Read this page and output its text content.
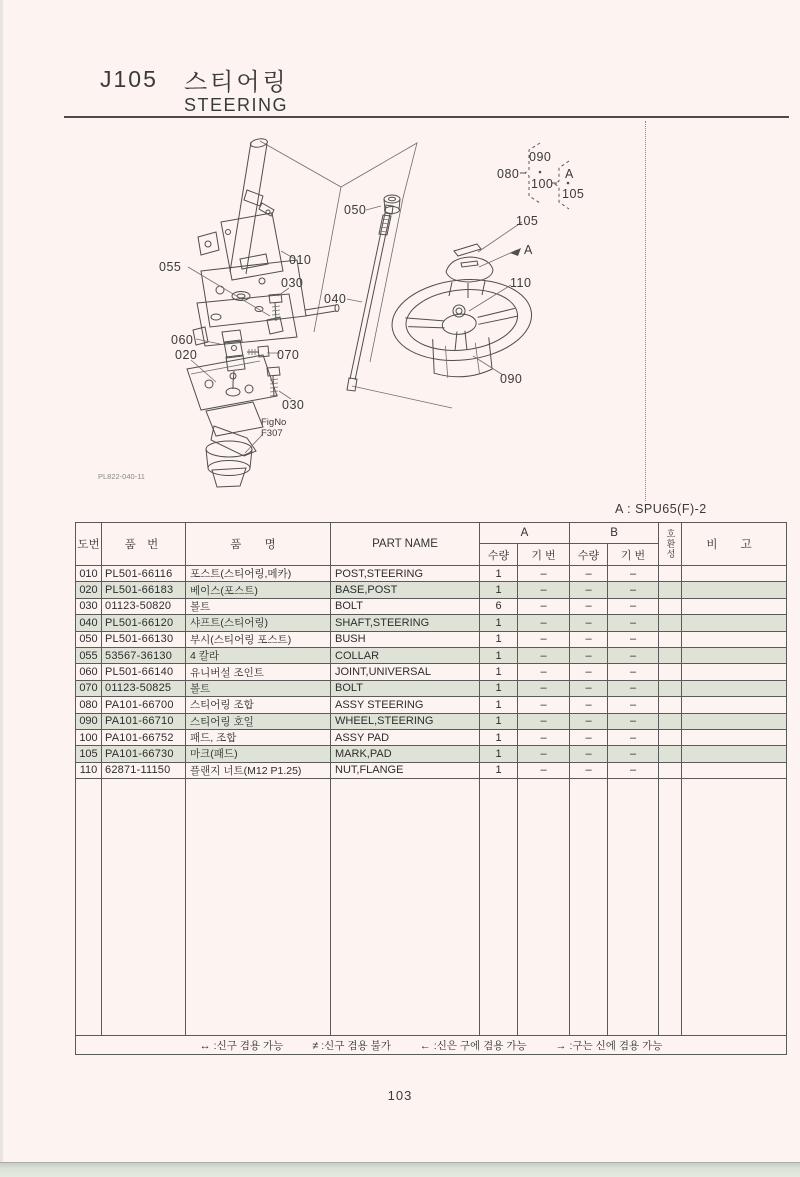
J105 스티어링
STEERING
055	010
030
050
040
060
020	070
030
080
090
100
A
105
105
A
110
090
FigNo
F307
PL822-040-11
A : SPU65(F)-2
도번	품 번	품 명	PART NAME	A		B		호환성	비 고
				수량	기 번	수량	기 번		
010	PL501-66116	포스트(스티어링,메카)	POST,STEERING	1	–	–	–		
020	PL501-66183	베이스(포스트)	BASE,POST	1	–	–	–		
030	01123-50820	볼트	BOLT	6	–	–	–		
040	PL501-66120	샤프트(스티어링)	SHAFT,STEERING	1	–	–	–		
050	PL501-66130	부시(스티어링 포스트)	BUSH	1	–	–	–		
055	53567-36130	4 칼라	COLLAR	1	–	–	–		
060	PL501-66140	유니버설 조인트	JOINT,UNIVERSAL	1	–	–	–		
070	01123-50825	볼트	BOLT	1	–	–	–		
080	PA101-66700	스티어링 조합	ASSY STEERING	1	–	–	–		
090	PA101-66710	스티어링 호일	WHEEL,STEERING	1	–	–	–		
100	PA101-66752	패드, 조합	ASSY PAD	1	–	–	–		
105	PA101-66730	마크(패드)	MARK,PAD	1	–	–	–		
110	62871-11150	플랜지 너트(M12 P1.25)	NUT,FLANGE	1	–	–	–		

↔ :신구 겸용 가능 ≠ :신구 겸용 불가 ← :신은 구에 겸용 가능 → :구는 신에 겸용 가능									
103
